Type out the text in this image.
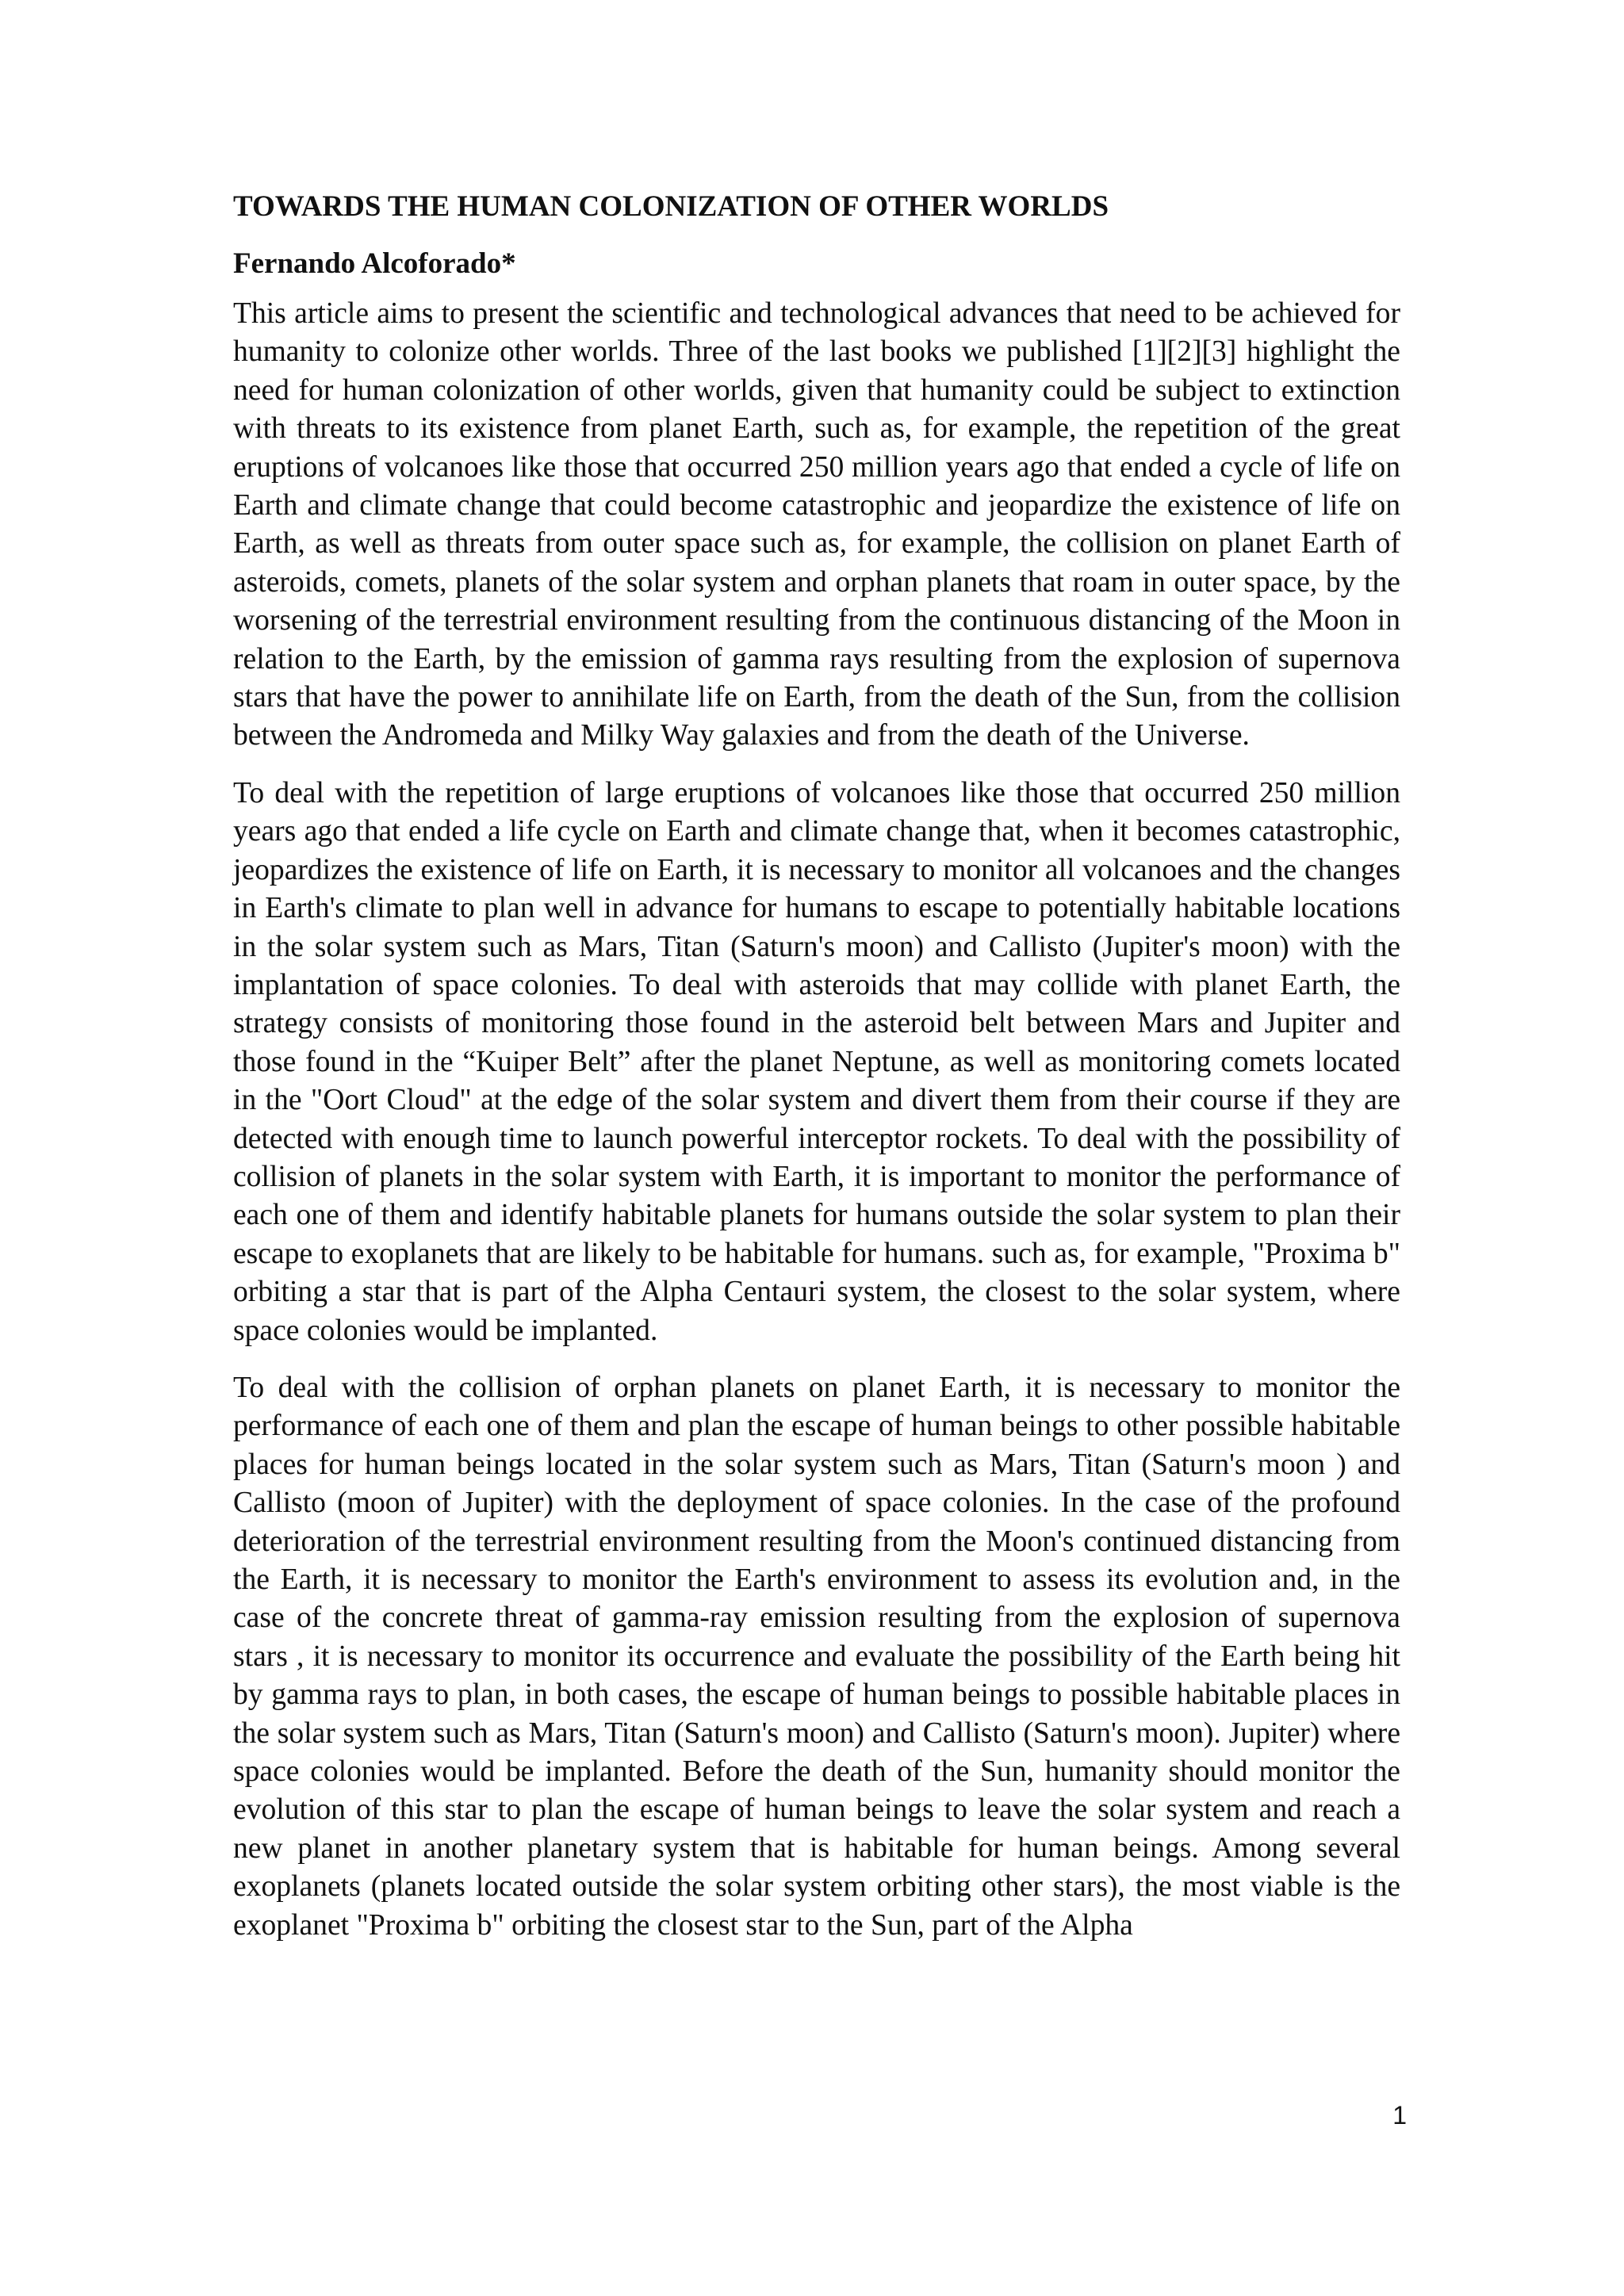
TOWARDS THE HUMAN COLONIZATION OF OTHER WORLDS
Fernando Alcoforado*

This article aims to present the scientific and technological advances that need to be achieved for humanity to colonize other worlds. Three of the last books we published [1][2][3] highlight the need for human colonization of other worlds, given that humanity could be subject to extinction with threats to its existence from planet Earth, such as, for example, the repetition of the great eruptions of volcanoes like those that occurred 250 million years ago that ended a cycle of life on Earth and climate change that could become catastrophic and jeopardize the existence of life on Earth, as well as threats from outer space such as, for example, the collision on planet Earth of asteroids, comets, planets of the solar system and orphan planets that roam in outer space, by the worsening of the terrestrial environment resulting from the continuous distancing of the Moon in relation to the Earth, by the emission of gamma rays resulting from the explosion of supernova stars that have the power to annihilate life on Earth, from the death of the Sun, from the collision between the Andromeda and Milky Way galaxies and from the death of the Universe.

To deal with the repetition of large eruptions of volcanoes like those that occurred 250 million years ago that ended a life cycle on Earth and climate change that, when it becomes catastrophic, jeopardizes the existence of life on Earth, it is necessary to monitor all volcanoes and the changes in Earth's climate to plan well in advance for humans to escape to potentially habitable locations in the solar system such as Mars, Titan (Saturn's moon) and Callisto (Jupiter's moon) with the implantation of space colonies. To deal with asteroids that may collide with planet Earth, the strategy consists of monitoring those found in the asteroid belt between Mars and Jupiter and those found in the “Kuiper Belt” after the planet Neptune, as well as monitoring comets located in the "Oort Cloud" at the edge of the solar system and divert them from their course if they are detected with enough time to launch powerful interceptor rockets. To deal with the possibility of collision of planets in the solar system with Earth, it is important to monitor the performance of each one of them and identify habitable planets for humans outside the solar system to plan their escape to exoplanets that are likely to be habitable for humans. such as, for example, "Proxima b" orbiting a star that is part of the Alpha Centauri system, the closest to the solar system, where space colonies would be implanted.

To deal with the collision of orphan planets on planet Earth, it is necessary to monitor the performance of each one of them and plan the escape of human beings to other possible habitable places for human beings located in the solar system such as Mars, Titan (Saturn's moon ) and Callisto (moon of Jupiter) with the deployment of space colonies. In the case of the profound deterioration of the terrestrial environment resulting from the Moon's continued distancing from the Earth, it is necessary to monitor the Earth's environment to assess its evolution and, in the case of the concrete threat of gamma-ray emission resulting from the explosion of supernova stars , it is necessary to monitor its occurrence and evaluate the possibility of the Earth being hit by gamma rays to plan, in both cases, the escape of human beings to possible habitable places in the solar system such as Mars, Titan (Saturn's moon) and Callisto (Saturn's moon). Jupiter) where space colonies would be implanted. Before the death of the Sun, humanity should monitor the evolution of this star to plan the escape of human beings to leave the solar system and reach a new planet in another planetary system that is habitable for human beings. Among several exoplanets (planets located outside the solar system orbiting other stars), the most viable is the exoplanet "Proxima b" orbiting the closest star to the Sun, part of the Alpha

1
